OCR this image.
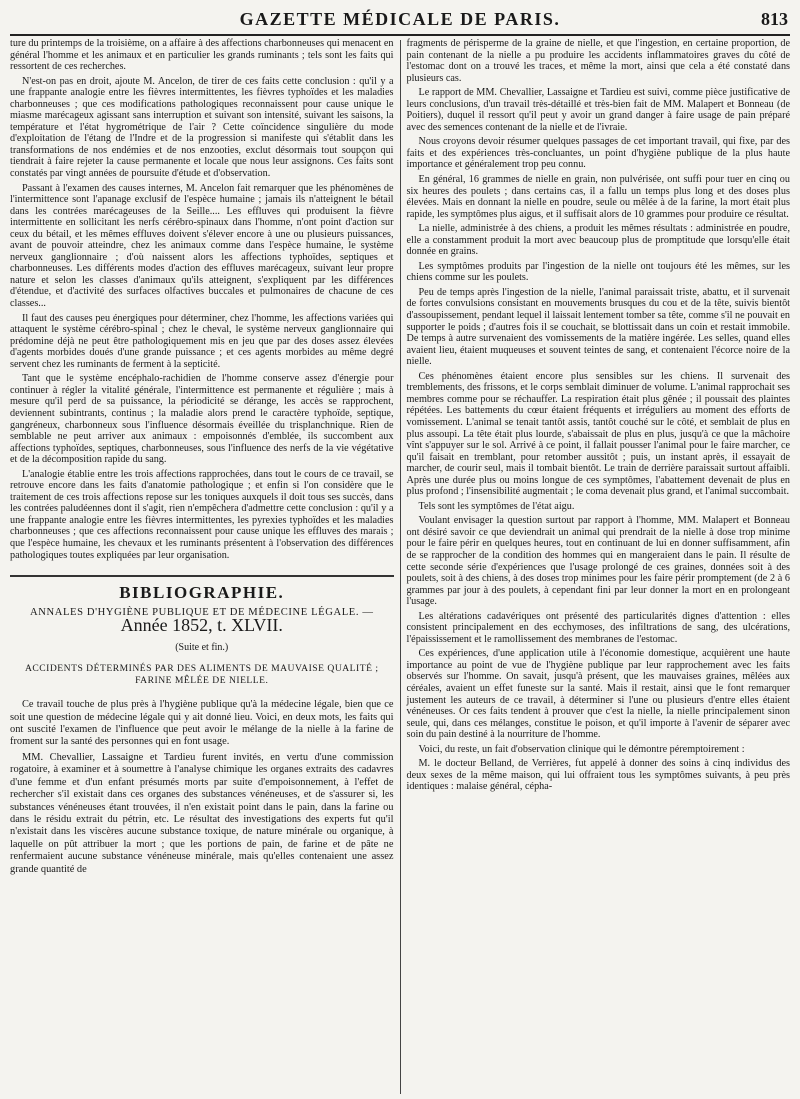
GAZETTE MÉDICALE DE PARIS.	813

ture du printemps de la troisième, on a affaire à des affections charbonneuses qui menacent en général l'homme et les animaux et en particulier les grands ruminants ; tels sont les faits qui ressortent de ces recherches.

N'est-on pas en droit, ajoute M. Ancelon, de tirer de ces faits cette conclusion : qu'il y a une frappante analogie entre les fièvres intermittentes, les fièvres typhoïdes et les maladies charbonneuses ; que ces modifications pathologiques reconnaissent pour cause unique le miasme marécageux agissant sans interruption et suivant son intensité, suivant les saisons, la température et l'état hygrométrique de l'air ? Cette coïncidence singulière du mode d'exploitation de l'étang de l'Indre et de la progression si manifeste qui s'établit dans les transformations de nos endémies et de nos enzooties, exclut désormais tout soupçon qui tiendrait à faire rejeter la cause permanente et locale que nous leur assignons. Ces faits sont constatés par vingt années de poursuite d'étude et d'observation.

Passant à l'examen des causes internes, M. Ancelon fait remarquer que les phénomènes de l'intermittence sont l'apanage exclusif de l'espèce humaine ; jamais ils n'atteignent le bétail dans les contrées marécageuses de la Seille.... Les effluves qui produisent la fièvre intermittente en sollicitant les nerfs cérébro-spinaux dans l'homme, n'ont point d'action sur ceux du bétail, et les mêmes effluves doivent s'élever encore à une ou plusieurs puissances, avant de pouvoir atteindre, chez les animaux comme dans l'espèce humaine, le système nerveux ganglionnaire ; d'où naissent alors les affections typhoïdes, septiques et charbonneuses. Les différents modes d'action des effluves marécageux, suivant leur propre nature et selon les classes d'animaux qu'ils atteignent, s'expliquent par les différences d'étendue, et d'activité des surfaces olfactives buccales et pulmonaires de chacune de ces classes...

Il faut des causes peu énergiques pour déterminer, chez l'homme, les affections variées qui attaquent le système cérébro-spinal ; chez le cheval, le système nerveux ganglionnaire qui prédomine déjà ne peut être pathologiquement mis en jeu que par des doses assez élevées d'agents morbides doués d'une grande puissance ; et ces agents morbides au même degré servent chez les ruminants de ferment à la septicité.

Tant que le système encéphalo-rachidien de l'homme conserve assez d'énergie pour continuer à régler la vitalité générale, l'intermittence est permanente et régulière ; mais à mesure qu'il perd de sa puissance, la périodicité se dérange, les accès se rapprochent, deviennent subintrants, continus ; la maladie alors prend le caractère typhoïde, septique, gangréneux, charbonneux sous l'influence désormais éveillée du trisplanchnique. Rien de semblable ne peut arriver aux animaux : empoisonnés d'emblée, ils succombent aux affections typhoïdes, septiques, charbonneuses, sous l'influence des nerfs de la vie végétative et de la décomposition rapide du sang.

L'analogie établie entre les trois affections rapprochées, dans tout le cours de ce travail, se retrouve encore dans les faits d'anatomie pathologique ; et enfin si l'on considère que le traitement de ces trois affections repose sur les toniques auxquels il doit tous ses succès, dans les contrées paludéennes dont il s'agit, rien n'empêchera d'admettre cette conclusion : qu'il y a une frappante analogie entre les fièvres intermittentes, les pyrexies typhoïdes et les maladies charbonneuses ; que ces affections reconnaissent pour cause unique les effluves des marais ; que l'espèce humaine, les chevaux et les ruminants présentent à l'observation des différences pathologiques toutes expliquées par leur organisation.

BIBLIOGRAPHIE.
ANNALES D'HYGIÈNE PUBLIQUE ET DE MÉDECINE LÉGALE. —
Année 1852, t. XLVII.
(Suite et fin.)
ACCIDENTS DÉTERMINÉS PAR DES ALIMENTS DE MAUVAISE QUALITÉ ; FARINE MÊLÉE DE NIELLE.

Ce travail touche de plus près à l'hygiène publique qu'à la médecine légale, bien que ce soit une question de médecine légale qui y ait donné lieu. Voici, en deux mots, les faits qui ont suscité l'examen de l'influence que peut avoir le mélange de la nielle à la farine de froment sur la santé des personnes qui en font usage.

MM. Chevallier, Lassaigne et Tardieu furent invités, en vertu d'une commission rogatoire, à examiner et à soumettre à l'analyse chimique les organes extraits des cadavres d'une femme et d'un enfant présumés morts par suite d'empoisonnement, à l'effet de rechercher s'il existait dans ces organes des substances vénéneuses, et de s'assurer si, les substances vénéneuses étant trouvées, il n'en existait point dans le pain, dans la farine ou dans le résidu extrait du pétrin, etc. Le résultat des investigations des experts fut qu'il n'existait dans les viscères aucune substance toxique, de nature minérale ou organique, à laquelle on pût attribuer la mort ; que les portions de pain, de farine et de pâte ne renfermaient aucune substance vénéneuse minérale, mais qu'elles contenaient une assez grande quantité de

fragments de périsperme de la graine de nielle, et que l'ingestion, en certaine proportion, de pain contenant de la nielle a pu produire les accidents inflammatoires graves du côté de l'estomac dont on a trouvé les traces, et même la mort, ainsi que cela a été constaté dans plusieurs cas.

Le rapport de MM. Chevallier, Lassaigne et Tardieu est suivi, comme pièce justificative de leurs conclusions, d'un travail très-détaillé et très-bien fait de MM. Malapert et Bonneau (de Poitiers), duquel il ressort qu'il peut y avoir un grand danger à faire usage de pain préparé avec des semences contenant de la nielle et de l'ivraie.

Nous croyons devoir résumer quelques passages de cet important travail, qui fixe, par des faits et des expériences très-concluantes, un point d'hygiène publique de la plus haute importance et généralement trop peu connu.

En général, 16 grammes de nielle en grain, non pulvérisée, ont suffi pour tuer en cinq ou six heures des poulets ; dans certains cas, il a fallu un temps plus long et des doses plus élevées. Mais en donnant la nielle en poudre, seule ou mêlée à de la farine, la mort était plus rapide, les symptômes plus aigus, et il suffisait alors de 10 grammes pour produire ce résultat.

La nielle, administrée à des chiens, a produit les mêmes résultats : administrée en poudre, elle a constamment produit la mort avec beaucoup plus de promptitude que lorsqu'elle était donnée en grains.

Les symptômes produits par l'ingestion de la nielle ont toujours été les mêmes, sur les chiens comme sur les poulets.

Peu de temps après l'ingestion de la nielle, l'animal paraissait triste, abattu, et il survenait de fortes convulsions consistant en mouvements brusques du cou et de la tête, suivis bientôt d'assoupissement, pendant lequel il laissait lentement tomber sa tête, comme s'il ne pouvait en supporter le poids ; d'autres fois il se couchait, se blottissait dans un coin et restait immobile. De temps à autre survenaient des vomissements de la matière ingérée. Les selles, quand elles avaient lieu, étaient muqueuses et souvent teintes de sang, et contenaient l'écorce noire de la nielle.

Ces phénomènes étaient encore plus sensibles sur les chiens. Il survenait des tremblements, des frissons, et le corps semblait diminuer de volume. L'animal rapprochait ses membres comme pour se réchauffer. La respiration était plus gênée ; il poussait des plaintes répétées. Les battements du cœur étaient fréquents et irréguliers au moment des efforts de vomissement. L'animal se tenait tantôt assis, tantôt couché sur le côté, et semblait de plus en plus assoupi. La tête était plus lourde, s'abaissait de plus en plus, jusqu'à ce que la mâchoire vînt s'appuyer sur le sol. Arrivé à ce point, il fallait pousser l'animal pour le faire marcher, ce qu'il faisait en tremblant, pour retomber aussitôt ; puis, un instant après, il essayait de marcher, de courir seul, mais il tombait bientôt. Le train de derrière paraissait surtout affaibli. Après une durée plus ou moins longue de ces symptômes, l'abattement devenait de plus en plus profond ; l'insensibilité augmentait ; le coma devenait plus grand, et l'animal succombait.

Tels sont les symptômes de l'état aigu.

Voulant envisager la question surtout par rapport à l'homme, MM. Malapert et Bonneau ont désiré savoir ce que deviendrait un animal qui prendrait de la nielle à dose trop minime pour le faire périr en quelques heures, tout en continuant de lui en donner suffisamment, afin de se rapprocher de la condition des hommes qui en mangeraient dans le pain. Il résulte de cette seconde série d'expériences que l'usage prolongé de ces graines, données soit à des poulets, soit à des chiens, à des doses trop minimes pour les faire périr promptement (de 2 à 6 grammes par jour à des poulets, à cependant fini par leur donner la mort en en prolongeant l'usage.

Les altérations cadavériques ont présenté des particularités dignes d'attention : elles consistent principalement en des ecchymoses, des infiltrations de sang, des ulcérations, l'épaississement et le ramollissement des membranes de l'estomac.

Ces expériences, d'une application utile à l'économie domestique, acquièrent une haute importance au point de vue de l'hygiène publique par leur rapprochement avec les faits observés sur l'homme. On savait, jusqu'à présent, que les mauvaises graines, mêlées aux céréales, avaient un effet funeste sur la santé. Mais il restait, ainsi que le font remarquer justement les auteurs de ce travail, à déterminer si l'une ou plusieurs d'entre elles étaient vénéneuses. Or ces faits tendent à prouver que c'est la nielle, la nielle principalement sinon seule, qui, dans ces mélanges, constitue le poison, et qu'il importe à l'avenir de séparer avec soin du pain destiné à la nourriture de l'homme.

Voici, du reste, un fait d'observation clinique qui le démontre péremptoirement :

M. le docteur Belland, de Verrières, fut appelé à donner des soins à cinq individus des deux sexes de la même maison, qui lui offraient tous les symptômes suivants, à peu près identiques : malaise général, cépha-
